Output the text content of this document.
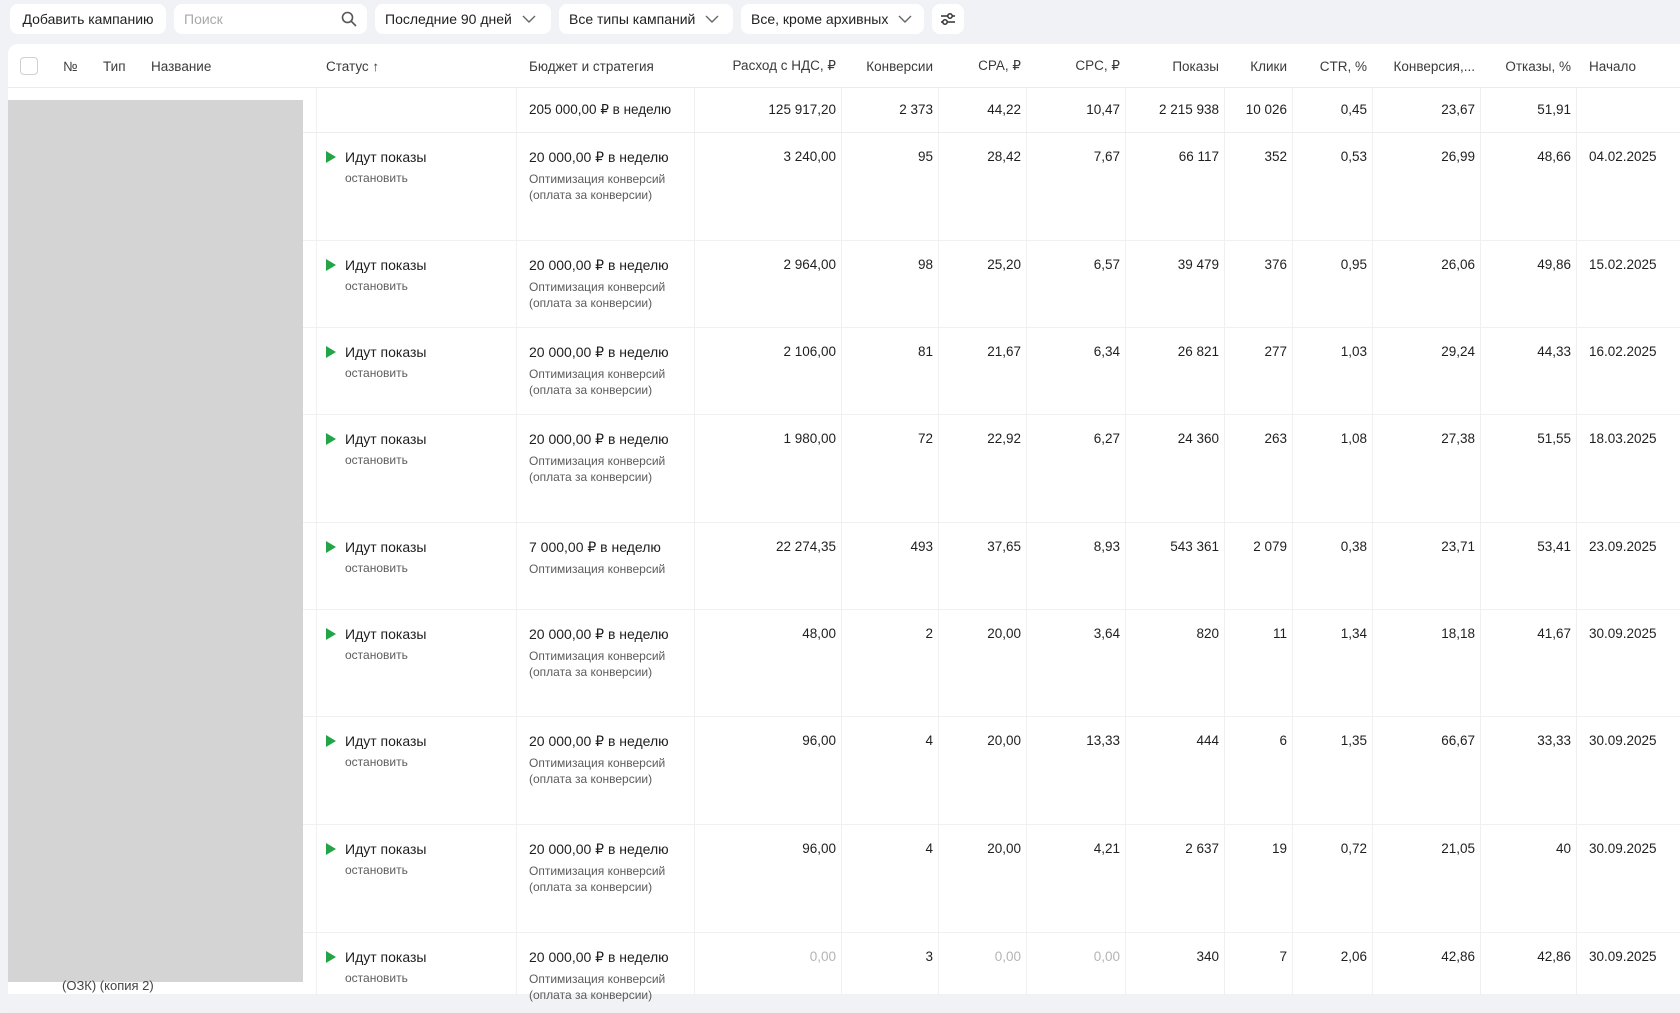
Добавить кампанию
Поиск	Последние 90 дней	Все типы кампаний	Все, кроме архивных
№ Тип Название	Статус ↑	Бюджет и стратегия	Расход с НДС, ₽	Конверсии	CPA, ₽	CPC, ₽	Показы	Клики	CTR, %	Конверсия,...	Отказы, % Начало
205 000,00 ₽ в неделю	125 917,20	2 373	44,22	10,47	2 215 938	10 026	0,45	23,67	51,91
Идут показы
остановить
20 000,00 ₽ в неделю
Оптимизация конверсий
(оплата за конверсии)
3 240,00	95	28,42	7,67	66 117	352	0,53	26,99	48,66 04.02.2025
Идут показы
остановить
20 000,00 ₽ в неделю
Оптимизация конверсий
(оплата за конверсии)
2 964,00	98	25,20	6,57	39 479	376	0,95	26,06	49,86 15.02.2025
Идут показы
остановить
20 000,00 ₽ в неделю
Оптимизация конверсий
(оплата за конверсии)
2 106,00	81	21,67	6,34	26 821	277	1,03	29,24	44,33 16.02.2025
Идут показы
остановить
20 000,00 ₽ в неделю
Оптимизация конверсий
(оплата за конверсии)
1 980,00	72	22,92	6,27	24 360	263	1,08	27,38	51,55 18.03.2025
Идут показы
остановить
7 000,00 ₽ в неделю
Оптимизация конверсий
22 274,35	493	37,65	8,93	543 361	2 079	0,38	23,71	53,41 23.09.2025
Идут показы
остановить
20 000,00 ₽ в неделю
Оптимизация конверсий
(оплата за конверсии)
48,00	2	20,00	3,64	820	11	1,34	18,18	41,67 30.09.2025
Идут показы
остановить
20 000,00 ₽ в неделю
Оптимизация конверсий
(оплата за конверсии)
96,00	4	20,00	13,33	444	6	1,35	66,67	33,33 30.09.2025
Идут показы
остановить
20 000,00 ₽ в неделю
Оптимизация конверсий
(оплата за конверсии)
96,00	4	20,00	4,21	2 637	19	0,72	21,05	40 30.09.2025
Идут показы
остановить
20 000,00 ₽ в неделю
Оптимизация конверсий
(оплата за конверсии)
0,00	3	0,00	0,00	340	7	2,06	42,86	42,86 30.09.2025
(ОЗК) (копия 2)
